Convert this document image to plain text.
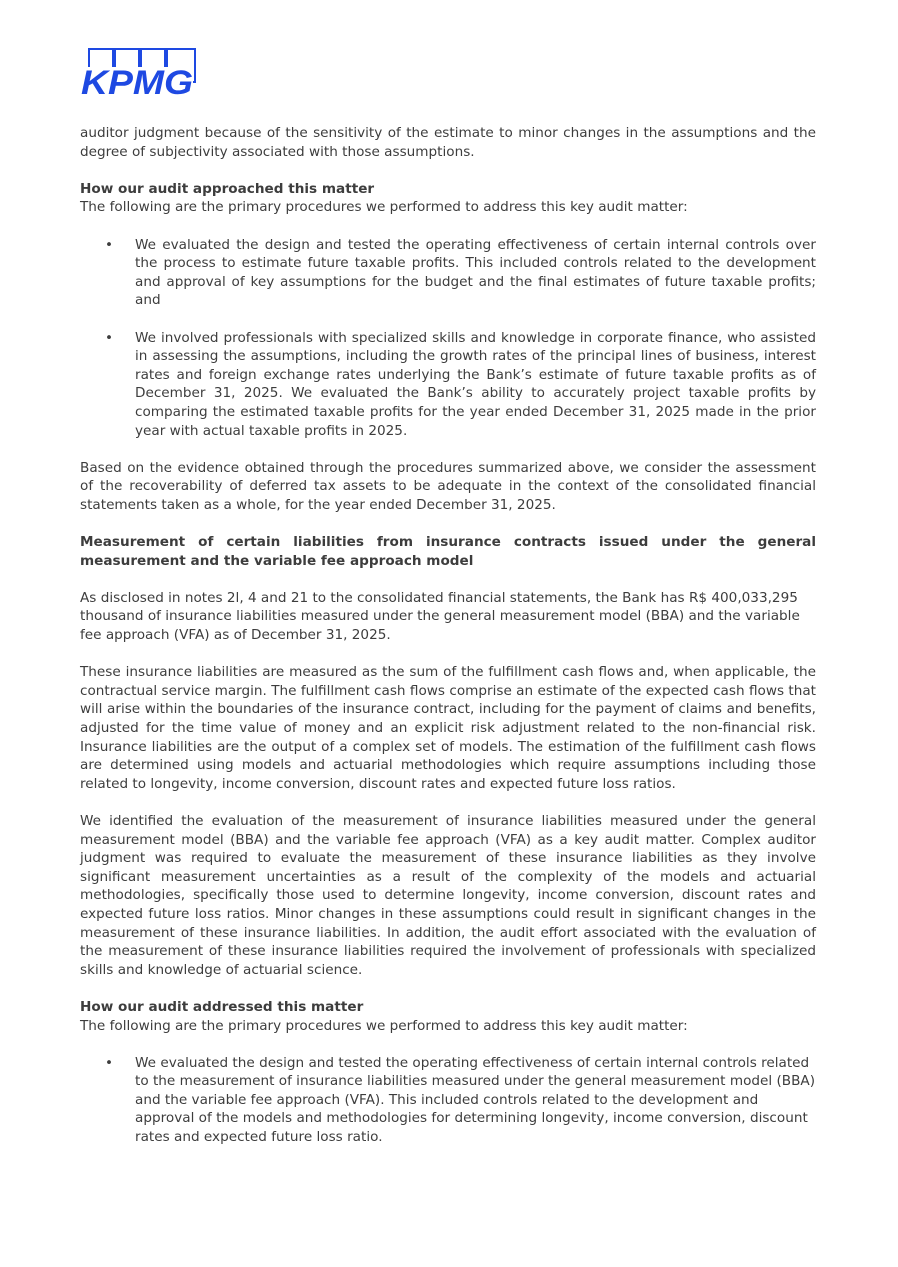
KPMG

auditor judgment because of the sensitivity of the estimate to minor changes in the assumptions and the degree of subjectivity associated with those assumptions.

How our audit approached this matter

The following are the primary procedures we performed to address this key audit matter:

• We evaluated the design and tested the operating effectiveness of certain internal controls over the process to estimate future taxable profits. This included controls related to the development and approval of key assumptions for the budget and the final estimates of future taxable profits; and
• We involved professionals with specialized skills and knowledge in corporate finance, who assisted in assessing the assumptions, including the growth rates of the principal lines of business, interest rates and foreign exchange rates underlying the Bank’s estimate of future taxable profits as of December 31, 2025. We evaluated the Bank’s ability to accurately project taxable profits by comparing the estimated taxable profits for the year ended December 31, 2025 made in the prior year with actual taxable profits in 2025.

Based on the evidence obtained through the procedures summarized above, we consider the assessment of the recoverability of deferred tax assets to be adequate in the context of the consolidated financial statements taken as a whole, for the year ended December 31, 2025.

Measurement of certain liabilities from insurance contracts issued under the general measurement and the variable fee approach model

As disclosed in notes 2l, 4 and 21 to the consolidated financial statements, the Bank has R$ 400,033,295 thousand of insurance liabilities measured under the general measurement model (BBA) and the variable fee approach (VFA) as of December 31, 2025.

These insurance liabilities are measured as the sum of the fulfillment cash flows and, when applicable, the contractual service margin. The fulfillment cash flows comprise an estimate of the expected cash flows that will arise within the boundaries of the insurance contract, including for the payment of claims and benefits, adjusted for the time value of money and an explicit risk adjustment related to the non-financial risk. Insurance liabilities are the output of a complex set of models. The estimation of the fulfillment cash flows are determined using models and actuarial methodologies which require assumptions including those related to longevity, income conversion, discount rates and expected future loss ratios.

We identified the evaluation of the measurement of insurance liabilities measured under the general measurement model (BBA) and the variable fee approach (VFA) as a key audit matter. Complex auditor judgment was required to evaluate the measurement of these insurance liabilities as they involve significant measurement uncertainties as a result of the complexity of the models and actuarial methodologies, specifically those used to determine longevity, income conversion, discount rates and expected future loss ratios. Minor changes in these assumptions could result in significant changes in the measurement of these insurance liabilities. In addition, the audit effort associated with the evaluation of the measurement of these insurance liabilities required the involvement of professionals with specialized skills and knowledge of actuarial science.

How our audit addressed this matter

The following are the primary procedures we performed to address this key audit matter:

• We evaluated the design and tested the operating effectiveness of certain internal controls related to the measurement of insurance liabilities measured under the general measurement model (BBA) and the variable fee approach (VFA). This included controls related to the development and approval of the models and methodologies for determining longevity, income conversion, discount rates and expected future loss ratio.
